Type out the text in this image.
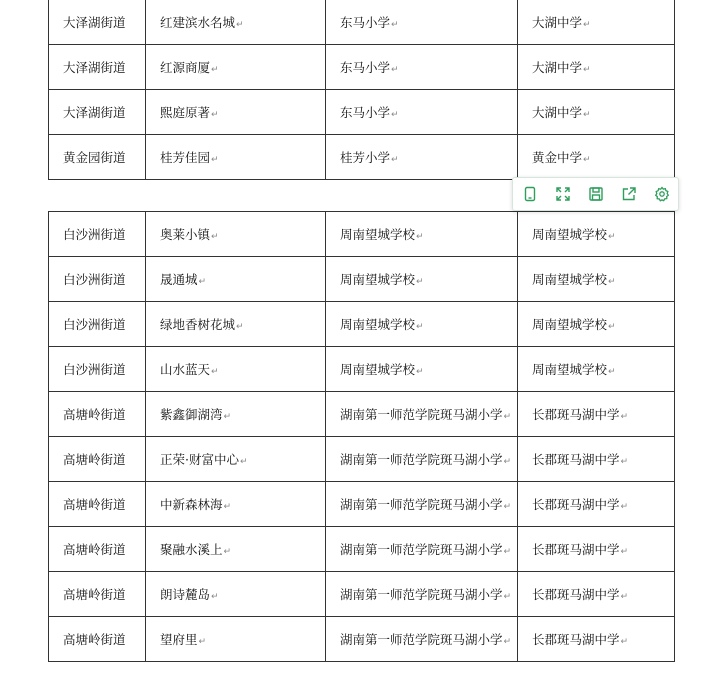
大泽湖街道	红建滨水名城↵	东马小学↵	大湖中学↵
大泽湖街道	红源商厦↵	东马小学↵	大湖中学↵
大泽湖街道	熙庭原著↵	东马小学↵	大湖中学↵
黄金园街道	桂芳佳园↵	桂芳小学↵	黄金中学↵
白沙洲街道	奥莱小镇↵	周南望城学校↵	周南望城学校↵
白沙洲街道	晟通城↵	周南望城学校↵	周南望城学校↵
白沙洲街道	绿地香树花城↵	周南望城学校↵	周南望城学校↵
白沙洲街道	山水蓝天↵	周南望城学校↵	周南望城学校↵
高塘岭街道	紫鑫御湖湾↵	湖南第一师范学院斑马湖小学↵	长郡斑马湖中学↵
高塘岭街道	正荣·财富中心↵	湖南第一师范学院斑马湖小学↵	长郡斑马湖中学↵
高塘岭街道	中新森林海↵	湖南第一师范学院斑马湖小学↵	长郡斑马湖中学↵
高塘岭街道	聚融水溪上↵	湖南第一师范学院斑马湖小学↵	长郡斑马湖中学↵
高塘岭街道	朗诗麓岛↵	湖南第一师范学院斑马湖小学↵	长郡斑马湖中学↵
高塘岭街道	望府里↵	湖南第一师范学院斑马湖小学↵	长郡斑马湖中学↵
